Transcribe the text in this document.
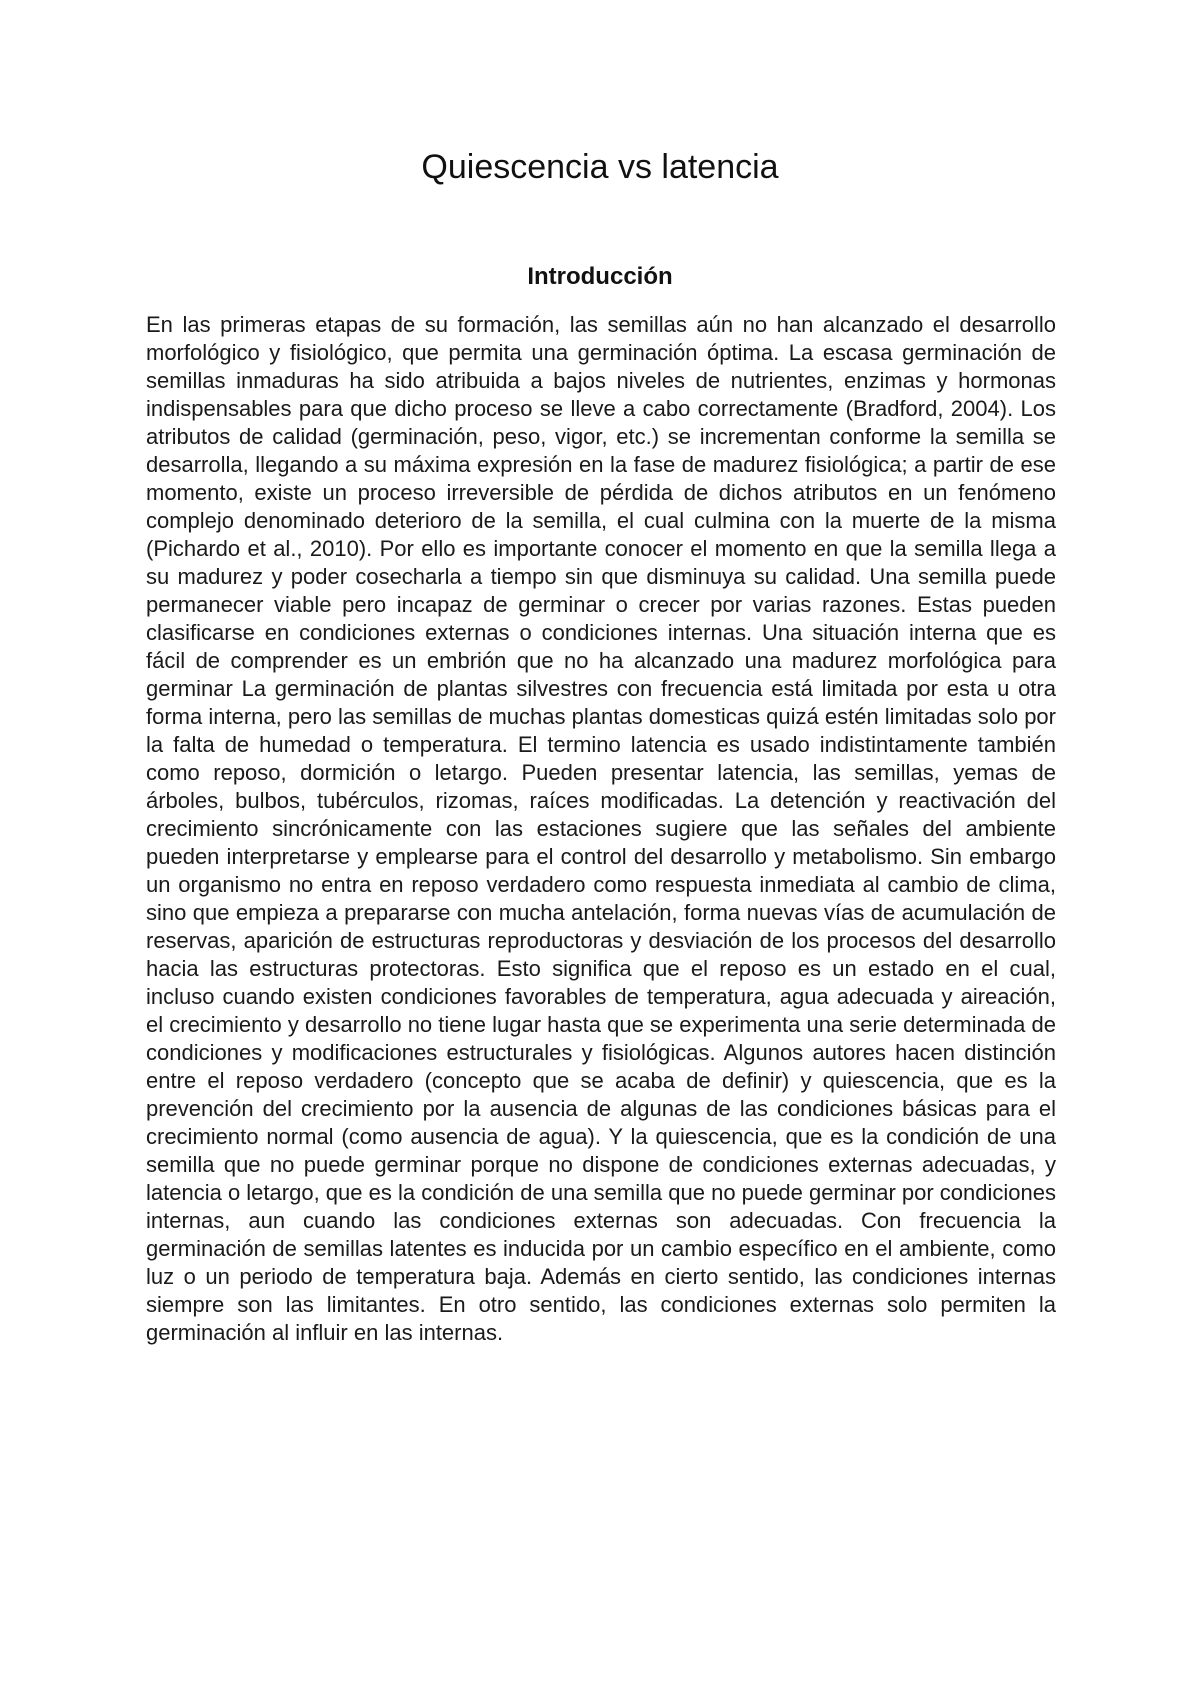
Quiescencia vs latencia
Introducción

En las primeras etapas de su formación, las semillas aún no han alcanzado el desarrollo morfológico y fisiológico, que permita una germinación óptima. La escasa germinación de semillas inmaduras ha sido atribuida a bajos niveles de nutrientes, enzimas y hormonas indispensables para que dicho proceso se lleve a cabo correctamente (Bradford, 2004). Los atributos de calidad (germinación, peso, vigor, etc.) se incrementan conforme la semilla se desarrolla, llegando a su máxima expresión en la fase de madurez fisiológica; a partir de ese momento, existe un proceso irreversible de pérdida de dichos atributos en un fenómeno complejo denominado deterioro de la semilla, el cual culmina con la muerte de la misma (Pichardo et al., 2010). Por ello es importante conocer el momento en que la semilla llega a su madurez y poder cosecharla a tiempo sin que disminuya su calidad. Una semilla puede permanecer viable pero incapaz de germinar o crecer por varias razones. Estas pueden clasificarse en condiciones externas o condiciones internas. Una situación interna que es fácil de comprender es un embrión que no ha alcanzado una madurez morfológica para germinar La germinación de plantas silvestres con frecuencia está limitada por esta u otra forma interna, pero las semillas de muchas plantas domesticas quizá estén limitadas solo por la falta de humedad o temperatura. El termino latencia es usado indistintamente también como reposo, dormición o letargo. Pueden presentar latencia, las semillas, yemas de árboles, bulbos, tubérculos, rizomas, raíces modificadas. La detención y reactivación del crecimiento sincrónicamente con las estaciones sugiere que las señales del ambiente pueden interpretarse y emplearse para el control del desarrollo y metabolismo. Sin embargo un organismo no entra en reposo verdadero como respuesta inmediata al cambio de clima, sino que empieza a prepararse con mucha antelación, forma nuevas vías de acumulación de reservas, aparición de estructuras reproductoras y desviación de los procesos del desarrollo hacia las estructuras protectoras. Esto significa que el reposo es un estado en el cual, incluso cuando existen condiciones favorables de temperatura, agua adecuada y aireación, el crecimiento y desarrollo no tiene lugar hasta que se experimenta una serie determinada de condiciones y modificaciones estructurales y fisiológicas. Algunos autores hacen distinción entre el reposo verdadero (concepto que se acaba de definir) y quiescencia, que es la prevención del crecimiento por la ausencia de algunas de las condiciones básicas para el crecimiento normal (como ausencia de agua). Y la quiescencia, que es la condición de una semilla que no puede germinar porque no dispone de condiciones externas adecuadas, y latencia o letargo, que es la condición de una semilla que no puede germinar por condiciones internas, aun cuando las condiciones externas son adecuadas. Con frecuencia la germinación de semillas latentes es inducida por un cambio específico en el ambiente, como luz o un periodo de temperatura baja. Además en cierto sentido, las condiciones internas siempre son las limitantes. En otro sentido, las condiciones externas solo permiten la germinación al influir en las internas.
